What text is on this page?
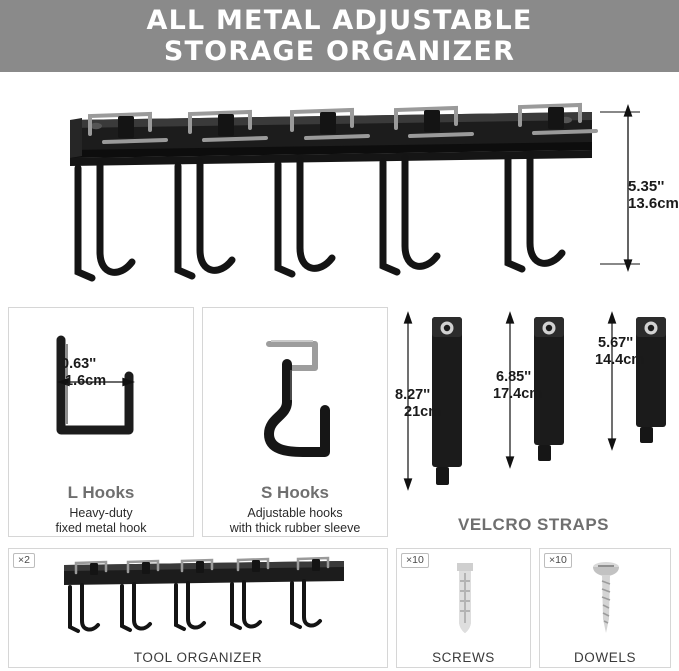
ALL METAL ADJUSTABLE
STORAGE ORGANIZER
5.35''
13.6cm
0.63''
1.6cm
L Hooks
Heavy-duty
fixed metal hook
S Hooks
Adjustable hooks
with thick rubber sleeve
8.27''
21cm
6.85''
17.4cm
5.67''
14.4cm
VELCRO STRAPS
×2
TOOL ORGANIZER
×10
SCREWS
×10
DOWELS
